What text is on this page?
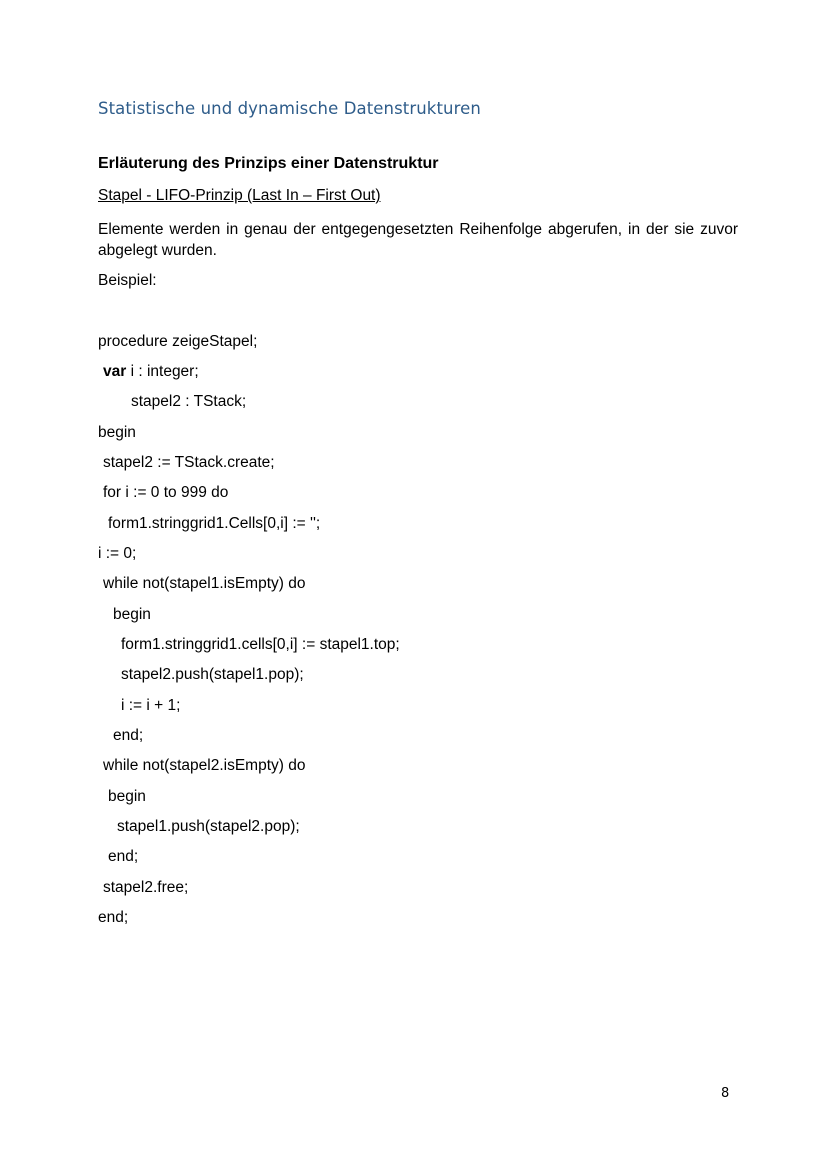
Statistische und dynamische Datenstrukturen
Erläuterung des Prinzips einer Datenstruktur
Stapel - LIFO-Prinzip (Last In – First Out)
Elemente werden in genau der entgegengesetzten Reihenfolge abgerufen, in der sie zuvor abgelegt wurden.
Beispiel:
procedure zeigeStapel;
var i : integer;
stapel2 : TStack;
begin
stapel2 := TStack.create;
for i := 0 to 999 do
form1.stringgrid1.Cells[0,i] := '';
i := 0;
while not(stapel1.isEmpty) do
begin
form1.stringgrid1.cells[0,i] := stapel1.top;
stapel2.push(stapel1.pop);
i := i + 1;
end;
while not(stapel2.isEmpty) do
begin
stapel1.push(stapel2.pop);
end;
stapel2.free;
end;
8
